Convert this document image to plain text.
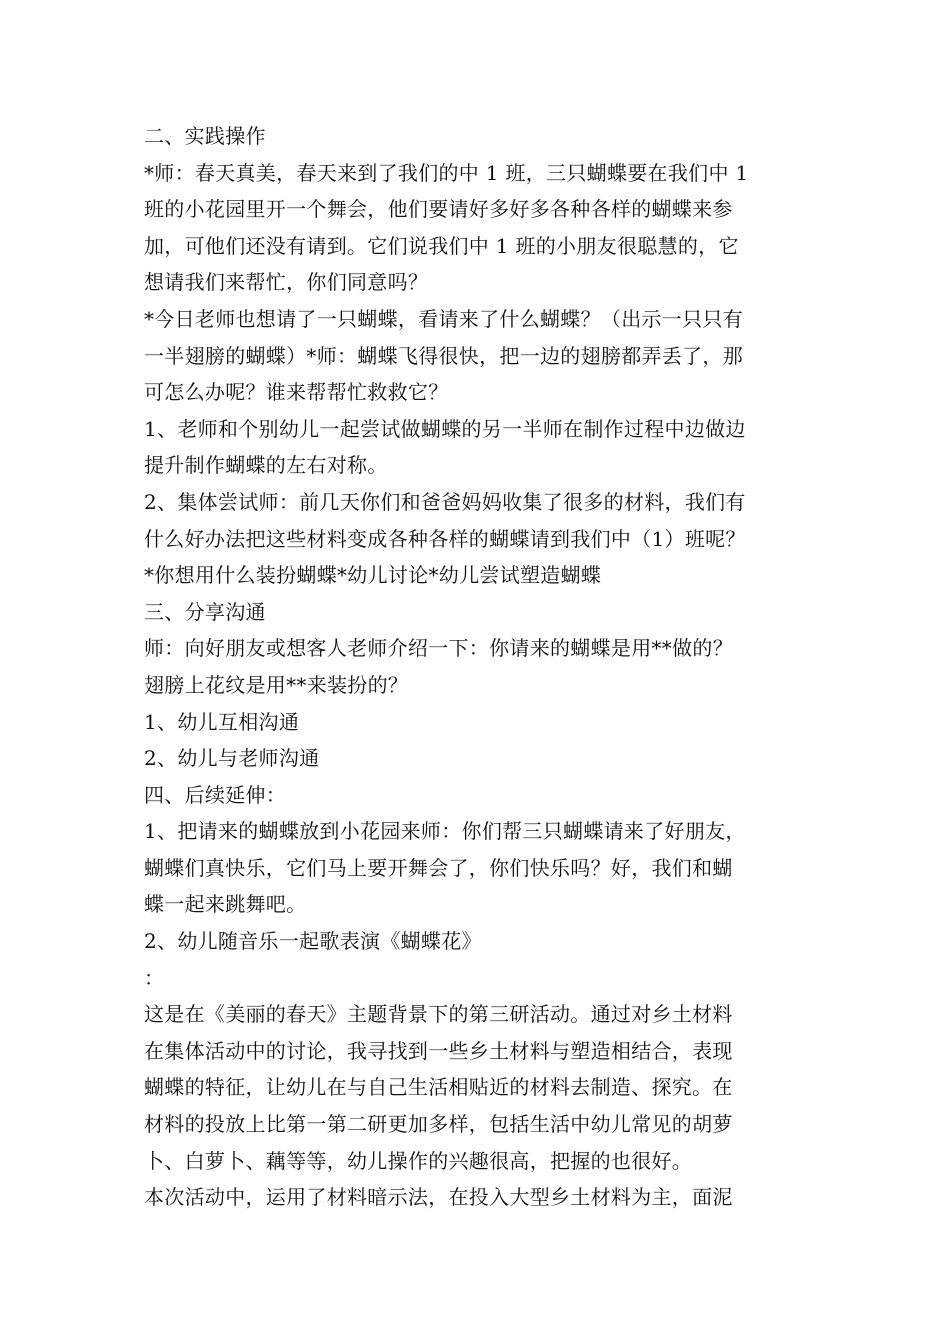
二、实践操作
*师：春天真美，春天来到了我们的中 1 班，三只蝴蝶要在我们中 1
班的小花园里开一个舞会，他们要请好多好多各种各样的蝴蝶来参
加，可他们还没有请到。它们说我们中 1 班的小朋友很聪慧的，它
想请我们来帮忙，你们同意吗？
*今日老师也想请了一只蝴蝶，看请来了什么蝴蝶？（出示一只只有
一半翅膀的蝴蝶）*师：蝴蝶飞得很快，把一边的翅膀都弄丢了，那
可怎么办呢？谁来帮帮忙救救它？
1、老师和个别幼儿一起尝试做蝴蝶的另一半师在制作过程中边做边
提升制作蝴蝶的左右对称。
2、集体尝试师：前几天你们和爸爸妈妈收集了很多的材料，我们有
什么好办法把这些材料变成各种各样的蝴蝶请到我们中（1）班呢？
*你想用什么装扮蝴蝶*幼儿讨论*幼儿尝试塑造蝴蝶
三、分享沟通
师：向好朋友或想客人老师介绍一下：你请来的蝴蝶是用**做的？
翅膀上花纹是用**来装扮的？
1、幼儿互相沟通
2、幼儿与老师沟通
四、后续延伸：
1、把请来的蝴蝶放到小花园来师：你们帮三只蝴蝶请来了好朋友，
蝴蝶们真快乐，它们马上要开舞会了，你们快乐吗？好，我们和蝴
蝶一起来跳舞吧。
2、幼儿随音乐一起歌表演《蝴蝶花》
：
这是在《美丽的春天》主题背景下的第三研活动。通过对乡土材料
在集体活动中的讨论，我寻找到一些乡土材料与塑造相结合，表现
蝴蝶的特征，让幼儿在与自己生活相贴近的材料去制造、探究。在
材料的投放上比第一第二研更加多样，包括生活中幼儿常见的胡萝
卜、白萝卜、藕等等，幼儿操作的兴趣很高，把握的也很好。
本次活动中，运用了材料暗示法，在投入大型乡土材料为主，面泥
